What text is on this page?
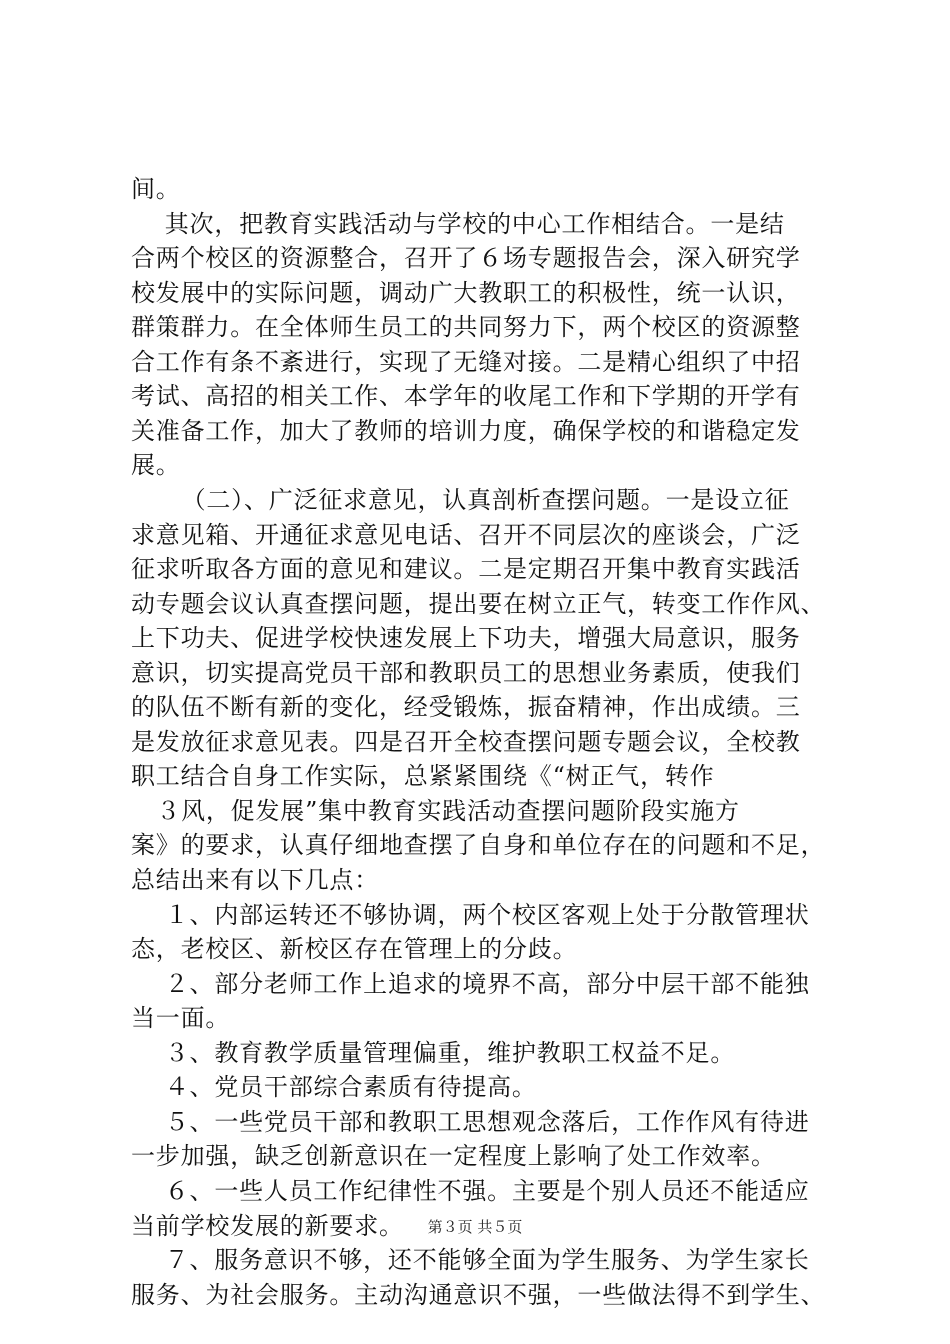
间。
其次，把教育实践活动与学校的中心工作相结合。一是结
合两个校区的资源整合，召开了６场专题报告会，深入研究学
校发展中的实际问题，调动广大教职工的积极性，统一认识，
群策群力。在全体师生员工的共同努力下，两个校区的资源整
合工作有条不紊进行，实现了无缝对接。二是精心组织了中招
考试、高招的相关工作、本学年的收尾工作和下学期的开学有
关准备工作，加大了教师的培训力度，确保学校的和谐稳定发
展。
（二）、广泛征求意见，认真剖析查摆问题。一是设立征
求意见箱、开通征求意见电话、召开不同层次的座谈会，广泛
征求听取各方面的意见和建议。二是定期召开集中教育实践活
动专题会议认真查摆问题，提出要在树立正气，转变工作作风、
上下功夫、促进学校快速发展上下功夫，增强大局意识，服务
意识，切实提高党员干部和教职员工的思想业务素质，使我们
的队伍不断有新的变化，经受锻炼，振奋精神，作出成绩。三
是发放征求意见表。四是召开全校查摆问题专题会议，全校教
职工结合自身工作实际，总紧紧围绕《“树正气，转作
３风，促发展”集中教育实践活动查摆问题阶段实施方
案》的要求，认真仔细地查摆了自身和单位存在的问题和不足，
总结出来有以下几点：
１、内部运转还不够协调，两个校区客观上处于分散管理状
态，老校区、新校区存在管理上的分歧。
２、部分老师工作上追求的境界不高，部分中层干部不能独
当一面。
３、教育教学质量管理偏重，维护教职工权益不足。
４、党员干部综合素质有待提高。
５、一些党员干部和教职工思想观念落后，工作作风有待进
一步加强，缺乏创新意识在一定程度上影响了处工作效率。
６、一些人员工作纪律性不强。主要是个别人员还不能适应
当前学校发展的新要求。
７、服务意识不够，还不能够全面为学生服务、为学生家长
服务、为社会服务。主动沟通意识不强，一些做法得不到学生、
第３页 共５页
